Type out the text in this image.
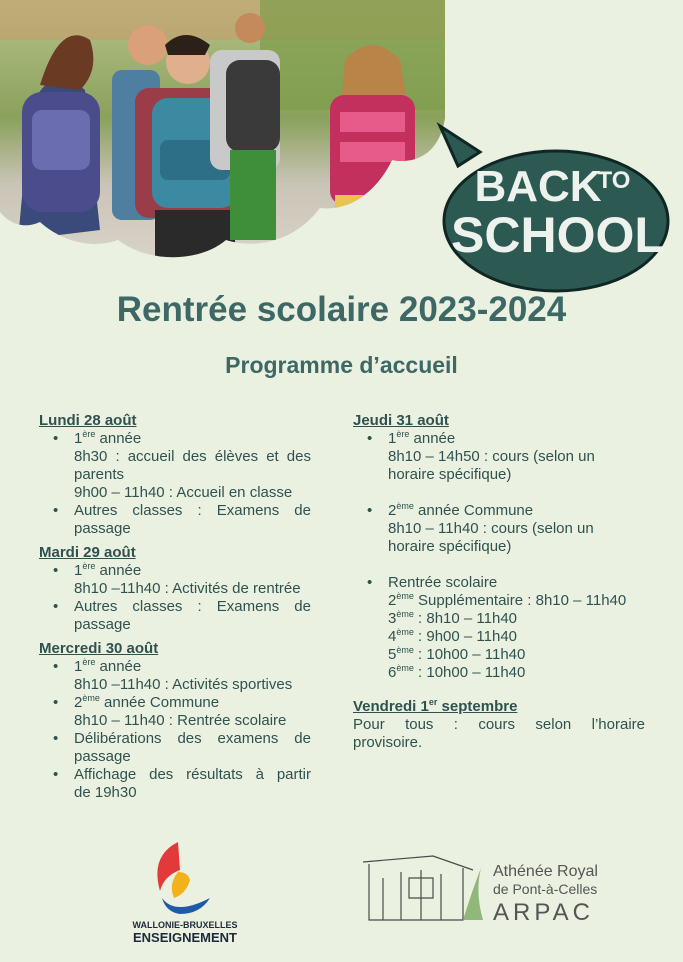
BACK
TO
SCHOOL
Rentrée scolaire 2023-2024
Programme d’accueil
Lundi 28 août
• 1ère année
8h30 : accueil des élèves et des
parents
9h00 – 11h40 : Accueil en classe
• Autres classes : Examens de
passage
Mardi 29 août
• 1ère année
8h10 –11h40 : Activités de rentrée
• Autres classes : Examens de
passage
Mercredi 30 août
• 1ère année
8h10 –11h40 : Activités sportives
• 2ème année Commune
8h10 – 11h40 : Rentrée scolaire
• Délibérations des examens de
passage
• Affichage des résultats à partir
de 19h30
Jeudi 31 août
• 1ère année
8h10 – 14h50 : cours (selon un
horaire spécifique)
• 2ème année Commune
8h10 – 11h40 : cours (selon un
horaire spécifique)
• Rentrée scolaire
2ème Supplémentaire : 8h10 – 11h40
3ème : 8h10 – 11h40
4ème : 9h00 – 11h40
5ème : 10h00 – 11h40
6ème : 10h00 – 11h40
Vendredi 1er septembre
Pour tous : cours selon l’horaire
provisoire.
WALLONIE-BRUXELLES
ENSEIGNEMENT
Athénée Royal
de Pont-à-Celles
ARPAC
